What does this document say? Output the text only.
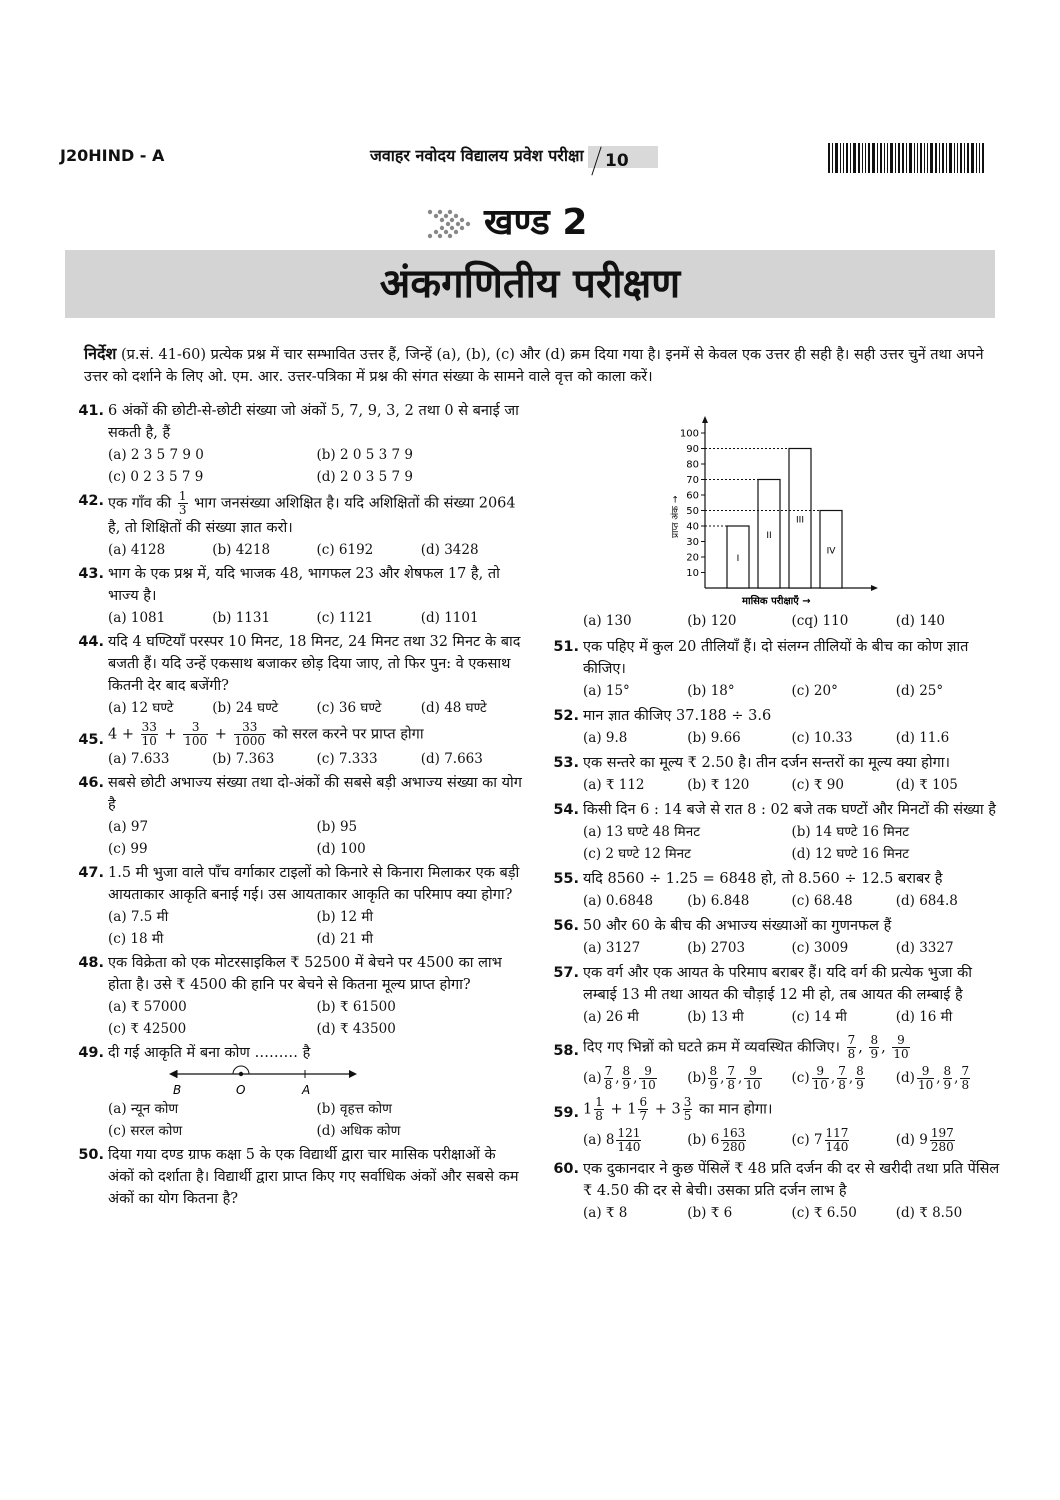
J20HIND - A	जवाहर नवोदय विद्यालय प्रवेश परीक्षा	10
खण्ड 2
अंकगणितीय परीक्षण
निर्देश (प्र.सं. 41-60) प्रत्येक प्रश्न में चार सम्भावित उत्तर हैं, जिन्हें (a), (b), (c) और (d) क्रम दिया गया है। इनमें से केवल एक उत्तर ही सही है। सही उत्तर चुनें तथा अपने उत्तर को दर्शाने के लिए ओ. एम. आर. उत्तर-पत्रिका में प्रश्न की संगत संख्या के सामने वाले वृत्त को काला करें।
41. 6 अंकों की छोटी-से-छोटी संख्या जो अंकों 5, 7, 9, 3, 2 तथा 0 से बनाई जा सकती है, हैं
(a) 2 3 5 7 9 0	(b) 2 0 5 3 7 9
(c) 0 2 3 5 7 9	(d) 2 0 3 5 7 9
42. एक गाँव की $\frac{1}{3}$ भाग जनसंख्या अशिक्षित है। यदि अशिक्षितों की संख्या 2064 है, तो शिक्षितों की संख्या ज्ञात करो।
(a) 4128	(b) 4218	(c) 6192	(d) 3428
43. भाग के एक प्रश्न में, यदि भाजक 48, भागफल 23 और शेषफल 17 है, तो भाज्य है।
(a) 1081	(b) 1131	(c) 1121	(d) 1101
44. यदि 4 घण्टियाँ परस्पर 10 मिनट, 18 मिनट, 24 मिनट तथा 32 मिनट के बाद बजती हैं। यदि उन्हें एकसाथ बजाकर छोड़ दिया जाए, तो फिर पुन: वे एकसाथ कितनी देर बाद बजेंगी?
(a) 12 घण्टे	(b) 24 घण्टे	(c) 36 घण्टे	(d) 48 घण्टे
45. $4 + \frac{33}{10} + \frac{3}{100} + \frac{33}{1000}$ को सरल करने पर प्राप्त होगा
(a) 7.633	(b) 7.363	(c) 7.333	(d) 7.663
46. सबसे छोटी अभाज्य संख्या तथा दो-अंकों की सबसे बड़ी अभाज्य संख्या का योग है
(a) 97	(b) 95
(c) 99	(d) 100
47. 1.5 मी भुजा वाले पाँच वर्गाकार टाइलों को किनारे से किनारा मिलाकर एक बड़ी आयताकार आकृति बनाई गई। उस आयताकार आकृति का परिमाप क्या होगा?
(a) 7.5 मी	(b) 12 मी
(c) 18 मी	(d) 21 मी
48. एक विक्रेता को एक मोटरसाइकिल ₹ 52500 में बेचने पर 4500 का लाभ होता है। उसे ₹ 4500 की हानि पर बेचने से कितना मूल्य प्राप्त होगा?
(a) ₹ 57000	(b) ₹ 61500
(c) ₹ 42500	(d) ₹ 43500
49. दी गई आकृति में बना कोण ……… है
B	O	A
(a) न्यून कोण	(b) वृहत्त कोण
(c) सरल कोण	(d) अधिक कोण
50. दिया गया दण्ड ग्राफ कक्षा 5 के एक विद्यार्थी द्वारा चार मासिक परीक्षाओं के अंकों को दर्शाता है। विद्यार्थी द्वारा प्राप्त किए गए सर्वाधिक अंकों और सबसे कम अंकों का योग कितना है?
प्राप्त अंक →
मासिक परीक्षाएँ →
10
20
30
40
50
60
70
80
90
100
I
II
III
IV
(a) 130	(b) 120	(cq) 110	(d) 140
51. एक पहिए में कुल 20 तीलियाँ हैं। दो संलग्न तीलियों के बीच का कोण ज्ञात कीजिए।
(a) 15°	(b) 18°	(c) 20°	(d) 25°
52. मान ज्ञात कीजिए 37.188 ÷ 3.6
(a) 9.8	(b) 9.66	(c) 10.33	(d) 11.6
53. एक सन्तरे का मूल्य ₹ 2.50 है। तीन दर्जन सन्तरों का मूल्य क्या होगा।
(a) ₹ 112	(b) ₹ 120	(c) ₹ 90	(d) ₹ 105
54. किसी दिन 6 : 14 बजे से रात 8 : 02 बजे तक घण्टों और मिनटों की संख्या है
(a) 13 घण्टे 48 मिनट	(b) 14 घण्टे 16 मिनट
(c) 2 घण्टे 12 मिनट	(d) 12 घण्टे 16 मिनट
55. यदि 8560 ÷ 1.25 = 6848 हो, तो 8.560 ÷ 12.5 बराबर है
(a) 0.6848	(b) 6.848	(c) 68.48	(d) 684.8
56. 50 और 60 के बीच की अभाज्य संख्याओं का गुणनफल हैं
(a) 3127	(b) 2703	(c) 3009	(d) 3327
57. एक वर्ग और एक आयत के परिमाप बराबर हैं। यदि वर्ग की प्रत्येक भुजा की लम्बाई 13 मी तथा आयत की चौड़ाई 12 मी हो, तब आयत की लम्बाई है
(a) 26 मी	(b) 13 मी	(c) 14 मी	(d) 16 मी
58. दिए गए भिन्नों को घटते क्रम में व्यवस्थित कीजिए। $\frac{7}{8}$ , $\frac{8}{9}$ , $\frac{9}{10}$
$(a) \frac{7}{8}$ , $\frac{8}{9}$ , $\frac{9}{10} (b) \frac{8}{9}$ , $\frac{7}{8}$ , $\frac{9}{10} (c) \frac{9}{10}$ , $\frac{7}{8}$ , $\frac{8}{9} (d) \frac{9}{10}$ , $\frac{8}{9}$ , $\frac{7}{8}$
59. $1 \frac{1}{8} + 1 \frac{6}{7} + 3 \frac{3}{5}$ का मान होगा।
(a) $8 \frac{121}{140}$	(b) $6 \frac{163}{280}$	(c) $7 \frac{117}{140}$	(d) $9 \frac{197}{280}$
60. एक दुकानदार ने कुछ पेंसिलें ₹ 48 प्रति दर्जन की दर से खरीदी तथा प्रति पेंसिल ₹ 4.50 की दर से बेची। उसका प्रति दर्जन लाभ है
(a) ₹ 8	(b) ₹ 6	(c) ₹ 6.50	(d) ₹ 8.50
